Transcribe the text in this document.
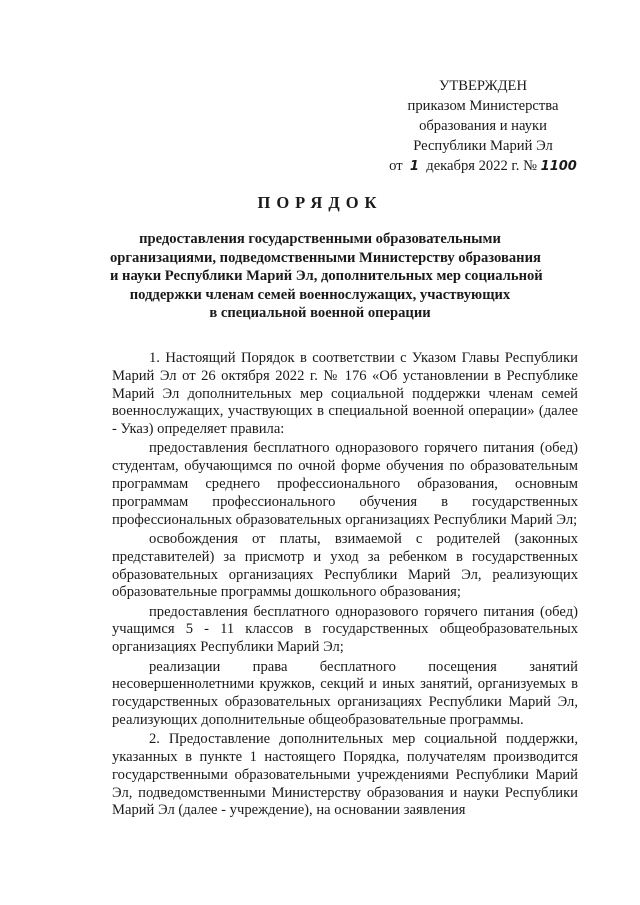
УТВЕРЖДЕН
приказом Министерства
образования и науки
Республики Марий Эл
от 1 декабря 2022 г. № 1100
ПОРЯДОК
предоставления государственными образовательными
организациями, подведомственными Министерству образования
и науки Республики Марий Эл, дополнительных мер социальной
поддержки членам семей военнослужащих, участвующих
в специальной военной операции

1. Настоящий Порядок в соответствии с Указом Главы Республики Марий Эл от 26 октября 2022 г. № 176 «Об установлении в Республике Марий Эл дополнительных мер социальной поддержки членам семей военнослужащих, участвующих в специальной военной операции» (далее - Указ) определяет правила:

предоставления бесплатного одноразового горячего питания (обед) студентам, обучающимся по очной форме обучения по образовательным программам среднего профессионального образования, основным программам профессионального обучения в государственных профессиональных образовательных организациях Республики Марий Эл;

освобождения от платы, взимаемой с родителей (законных представителей) за присмотр и уход за ребенком в государственных образовательных организациях Республики Марий Эл, реализующих образовательные программы дошкольного образования;

предоставления бесплатного одноразового горячего питания (обед) учащимся 5 - 11 классов в государственных общеобразовательных организациях Республики Марий Эл;

реализации права бесплатного посещения занятий несовершеннолетними кружков, секций и иных занятий, организуемых в государственных образовательных организациях Республики Марий Эл, реализующих дополнительные общеобразовательные программы.

2. Предоставление дополнительных мер социальной поддержки, указанных в пункте 1 настоящего Порядка, получателям производится государственными образовательными учреждениями Республики Марий Эл, подведомственными Министерству образования и науки Республики Марий Эл (далее - учреждение), на основании заявления
